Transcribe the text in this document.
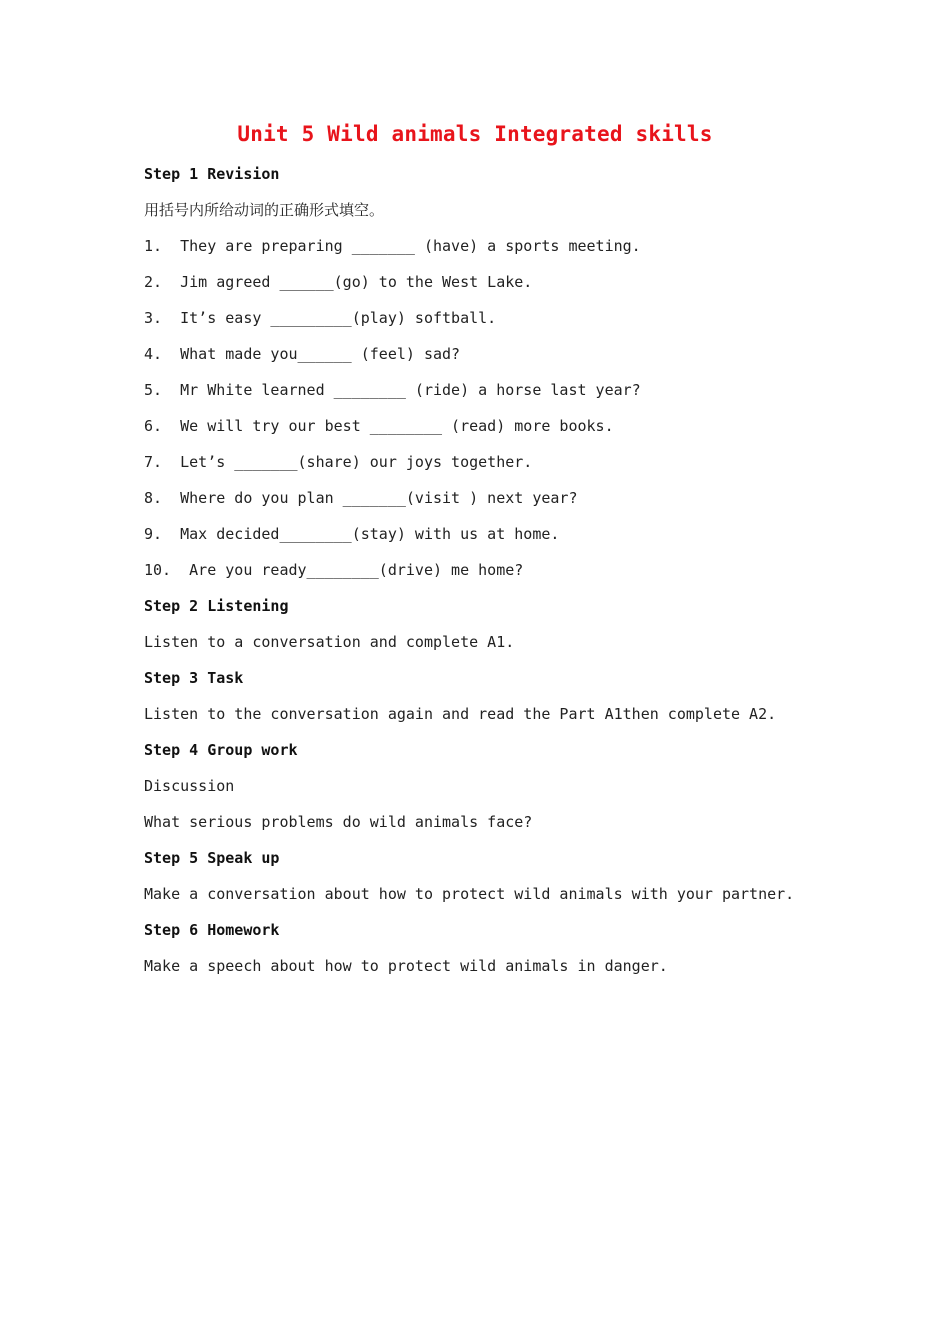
Unit 5 Wild animals Integrated skills
Step 1 Revision
用括号内所给动词的正确形式填空。
1.  They are preparing _______ (have) a sports meeting.
2.  Jim agreed ______(go) to the West Lake.
3.  It’s easy _________(play) softball.
4.  What made you______ (feel) sad?
5.  Mr White learned ________ (ride) a horse last year?
6.  We will try our best ________ (read) more books.
7.  Let’s _______(share) our joys together.
8.  Where do you plan _______(visit ) next year?
9.  Max decided________(stay) with us at home.
10.  Are you ready________(drive) me home?
Step 2 Listening
Listen to a conversation and complete A1.
Step 3 Task
Listen to the conversation again and read the Part A1then complete A2.
Step 4 Group work
Discussion
What serious problems do wild animals face?
Step 5 Speak up
Make a conversation about how to protect wild animals with your partner.
Step 6 Homework
Make a speech about how to protect wild animals in danger.
